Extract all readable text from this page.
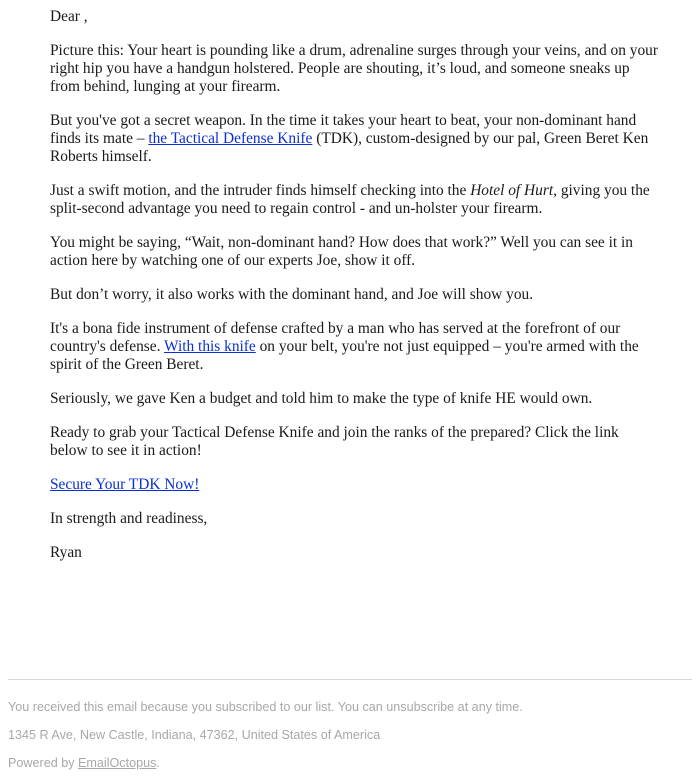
Dear ,

Picture this: Your heart is pounding like a drum, adrenaline surges through your veins, and on your right hip you have a handgun holstered. People are shouting, it’s loud, and someone sneaks up from behind, lunging at your firearm.

But you've got a secret weapon. In the time it takes your heart to beat, your non-dominant hand finds its mate – the Tactical Defense Knife (TDK), custom-designed by our pal, Green Beret Ken Roberts himself.

Just a swift motion, and the intruder finds himself checking into the Hotel of Hurt, giving you the split-second advantage you need to regain control - and un-holster your firearm.

You might be saying, “Wait, non-dominant hand? How does that work?” Well you can see it in action here by watching one of our experts Joe, show it off.

But don’t worry, it also works with the dominant hand, and Joe will show you.

It's a bona fide instrument of defense crafted by a man who has served at the forefront of our country's defense. With this knife on your belt, you're not just equipped – you're armed with the spirit of the Green Beret.

Seriously, we gave Ken a budget and told him to make the type of knife HE would own.

Ready to grab your Tactical Defense Knife and join the ranks of the prepared? Click the link below to see it in action!

Secure Your TDK Now!

In strength and readiness,

Ryan

You received this email because you subscribed to our list. You can unsubscribe at any time.
1345 R Ave, New Castle, Indiana, 47362, United States of America
Powered by EmailOctopus.
